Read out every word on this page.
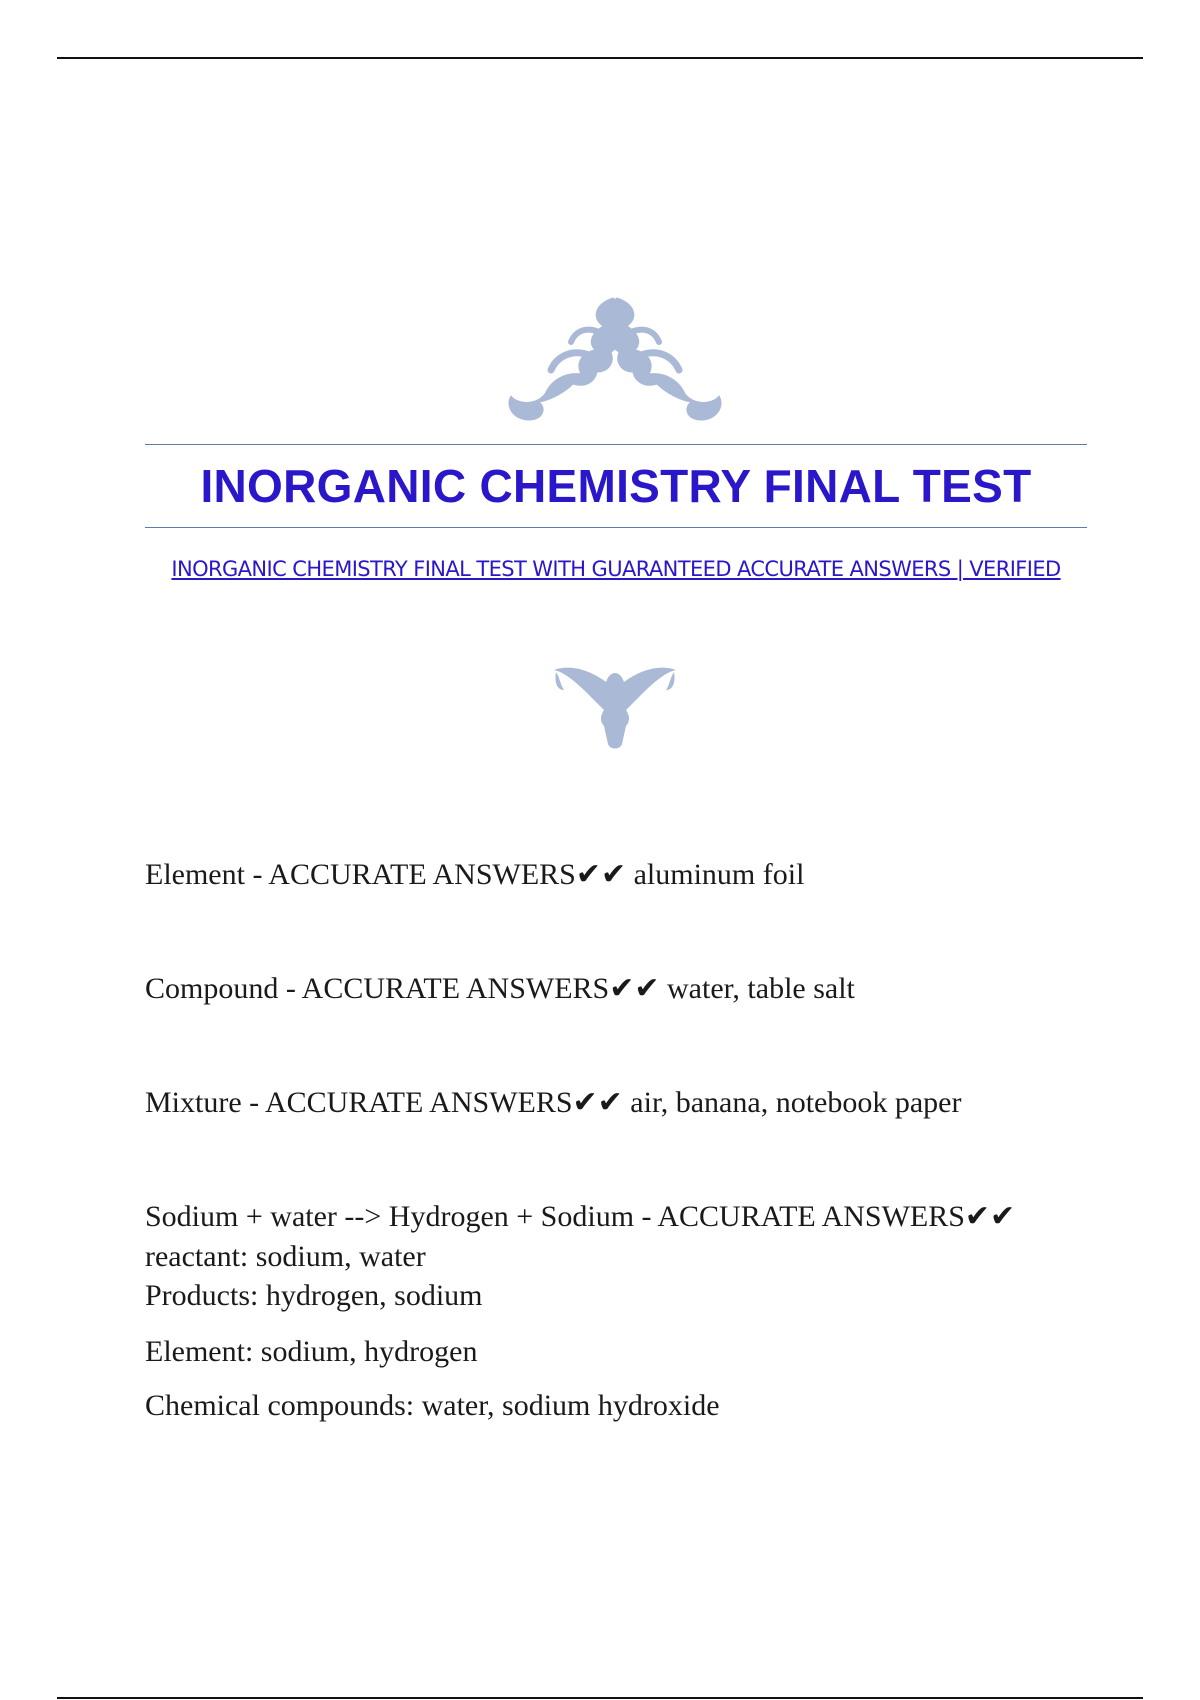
INORGANIC CHEMISTRY FINAL TEST
INORGANIC CHEMISTRY FINAL TEST WITH GUARANTEED ACCURATE ANSWERS | VERIFIED
Element - ACCURATE ANSWERS✔✔ aluminum foil
Compound - ACCURATE ANSWERS✔✔ water, table salt
Mixture - ACCURATE ANSWERS✔✔ air, banana, notebook paper
Sodium + water --> Hydrogen + Sodium - ACCURATE ANSWERS✔✔ reactant: sodium, water
Products: hydrogen, sodium
Element: sodium, hydrogen
Chemical compounds: water, sodium hydroxide
